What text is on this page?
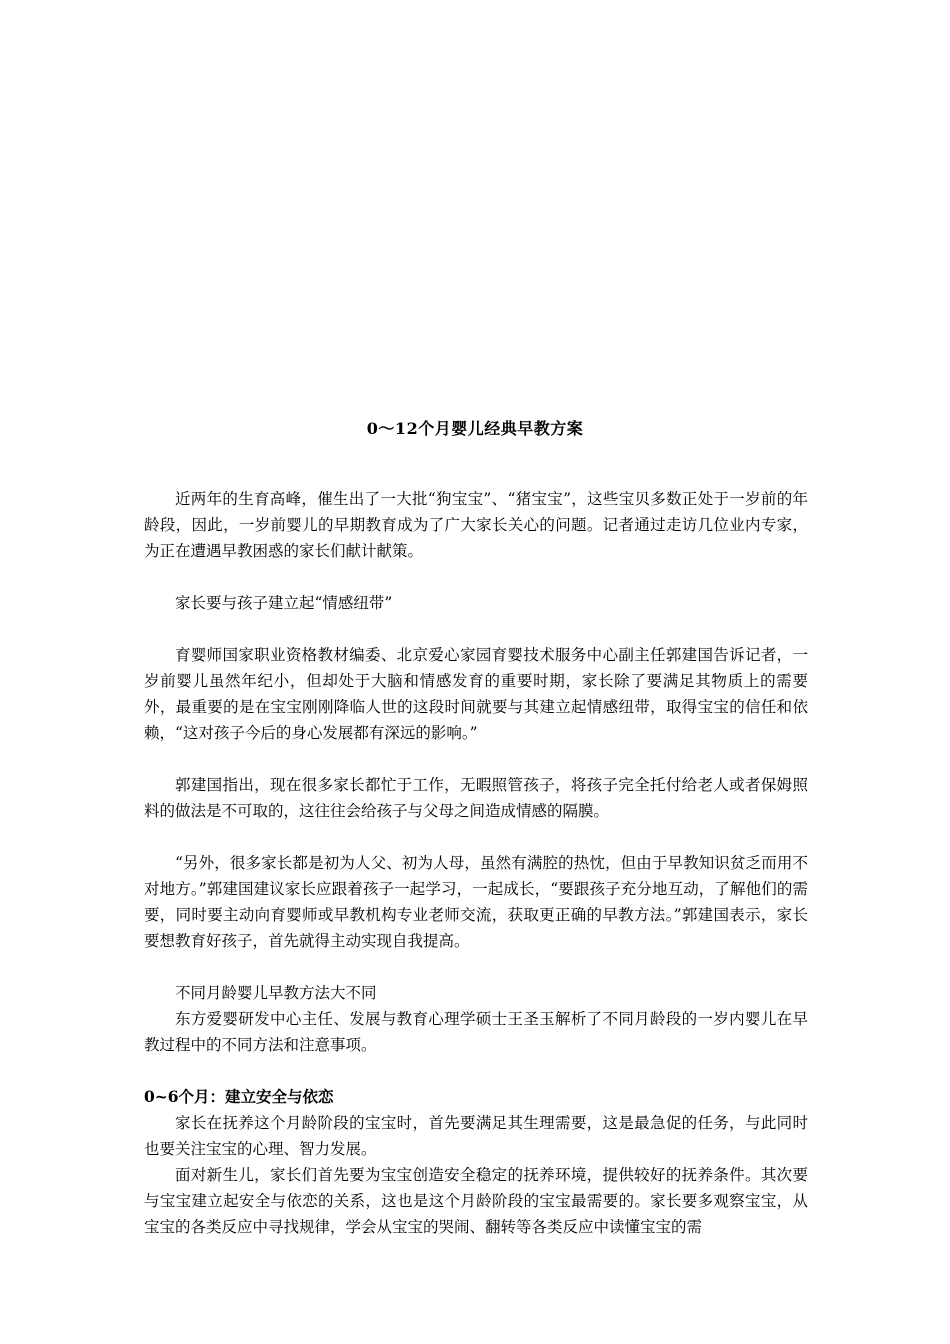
0～12个月婴儿经典早教方案

近两年的生育高峰，催生出了一大批“狗宝宝”、“猪宝宝”，这些宝贝多数正处于一岁前的年龄段，因此，一岁前婴儿的早期教育成为了广大家长关心的问题。记者通过走访几位业内专家，为正在遭遇早教困惑的家长们献计献策。

家长要与孩子建立起“情感纽带”

育婴师国家职业资格教材编委、北京爱心家园育婴技术服务中心副主任郭建国告诉记者，一岁前婴儿虽然年纪小，但却处于大脑和情感发育的重要时期，家长除了要满足其物质上的需要外，最重要的是在宝宝刚刚降临人世的这段时间就要与其建立起情感纽带，取得宝宝的信任和依赖，“这对孩子今后的身心发展都有深远的影响。”

郭建国指出，现在很多家长都忙于工作，无暇照管孩子，将孩子完全托付给老人或者保姆照料的做法是不可取的，这往往会给孩子与父母之间造成情感的隔膜。

“另外，很多家长都是初为人父、初为人母，虽然有满腔的热忱，但由于早教知识贫乏而用不对地方。”郭建国建议家长应跟着孩子一起学习，一起成长，“要跟孩子充分地互动，了解他们的需要，同时要主动向育婴师或早教机构专业老师交流，获取更正确的早教方法。”郭建国表示，家长要想教育好孩子，首先就得主动实现自我提高。

不同月龄婴儿早教方法大不同

东方爱婴研发中心主任、发展与教育心理学硕士王圣玉解析了不同月龄段的一岁内婴儿在早教过程中的不同方法和注意事项。

0~6个月：建立安全与依恋

家长在抚养这个月龄阶段的宝宝时，首先要满足其生理需要，这是最急促的任务，与此同时也要关注宝宝的心理、智力发展。

面对新生儿，家长们首先要为宝宝创造安全稳定的抚养环境，提供较好的抚养条件。其次要与宝宝建立起安全与依恋的关系，这也是这个月龄阶段的宝宝最需要的。家长要多观察宝宝，从宝宝的各类反应中寻找规律，学会从宝宝的哭闹、翻转等各类反应中读懂宝宝的需
